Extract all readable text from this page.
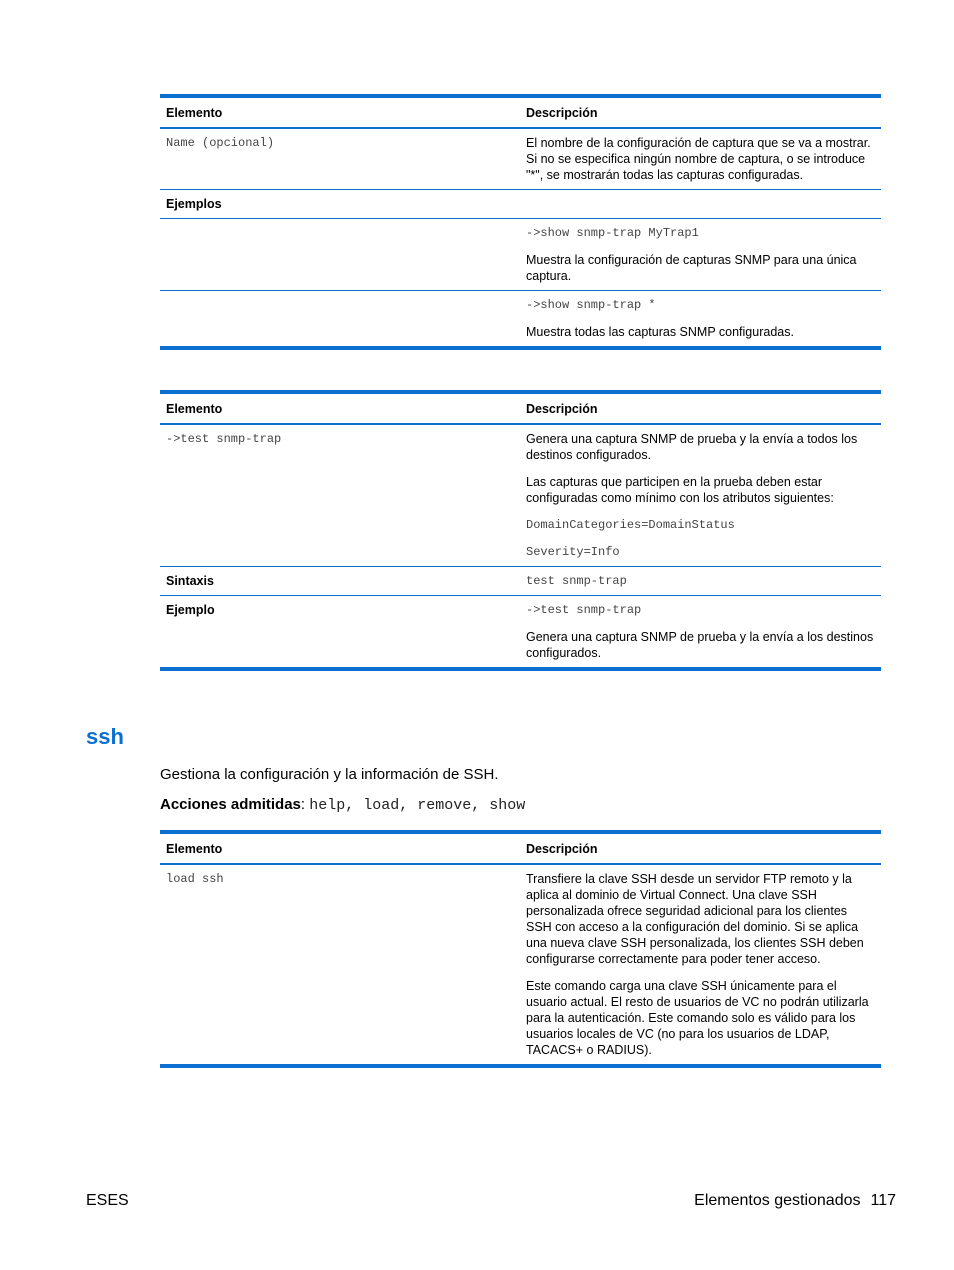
Elemento	Descripción
Name (opcional)	El nombre de la configuración de captura que se va a mostrar. Si no se especifica ningún nombre de captura, o se introduce "*", se mostrarán todas las capturas configuradas.
Ejemplos	

	->show snmp-trap MyTrap1

Muestra la configuración de capturas SNMP para una única captura.

	->show snmp-trap *

Muestra todas las capturas SNMP configuradas.

Elemento	Descripción
->test snmp-trap	Genera una captura SNMP de prueba y la envía a todos los destinos configurados.

Las capturas que participen en la prueba deben estar configuradas como mínimo con los atributos siguientes:

DomainCategories=DomainStatus

Severity=Info

Sintaxis	test snmp-trap
Ejemplo	->test snmp-trap

Genera una captura SNMP de prueba y la envía a los destinos configurados.

ssh

Gestiona la configuración y la información de SSH.

Acciones admitidas: help, load, remove, show

Elemento	Descripción
load ssh	Transfiere la clave SSH desde un servidor FTP remoto y la aplica al dominio de Virtual Connect. Una clave SSH personalizada ofrece seguridad adicional para los clientes SSH con acceso a la configuración del dominio. Si se aplica una nueva clave SSH personalizada, los clientes SSH deben configurarse correctamente para poder tener acceso.

Este comando carga una clave SSH únicamente para el usuario actual. El resto de usuarios de VC no podrán utilizarla para la autenticación. Este comando solo es válido para los usuarios locales de VC (no para los usuarios de LDAP, TACACS+ o RADIUS).

ESES	Elementos gestionados 117
